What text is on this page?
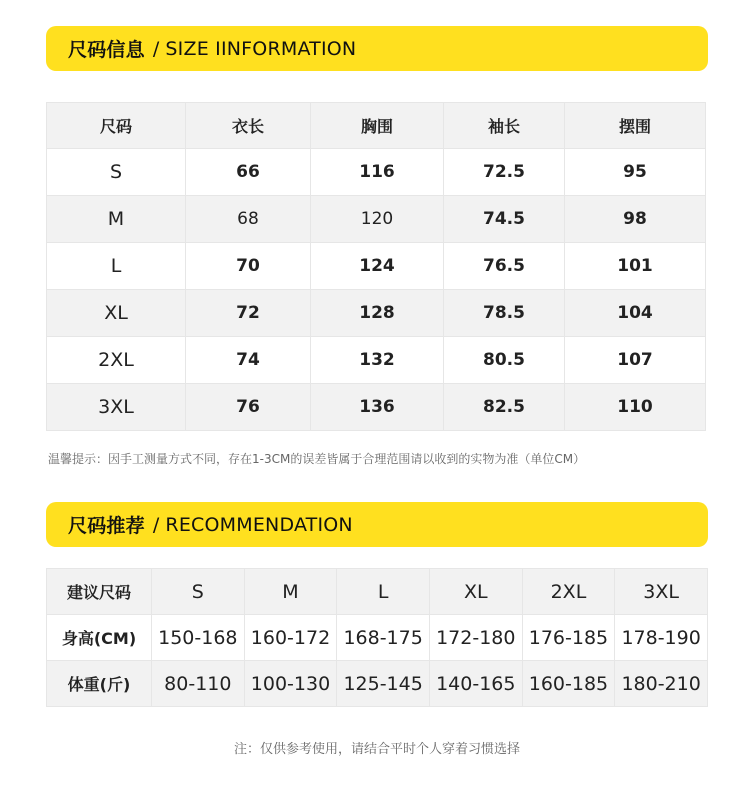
尺码信息 / SIZE IINFORMATION
尺码	衣长	胸围	袖长	摆围
S	66	116	72.5	95
M	68	120	74.5	98
L	70	124	76.5	101
XL	72	128	78.5	104
2XL	74	132	80.5	107
3XL	76	136	82.5	110
温馨提示：因手工测量方式不同，存在1-3CM的误差皆属于合理范围请以收到的实物为准（单位CM）
尺码推荐 / RECOMMENDATION
建议尺码	S	M	L	XL	2XL	3XL
身高(CM)	150-168	160-172	168-175	172-180	176-185	178-190
体重(斤)	80-110	100-130	125-145	140-165	160-185	180-210
注：仅供参考使用，请结合平时个人穿着习惯选择
